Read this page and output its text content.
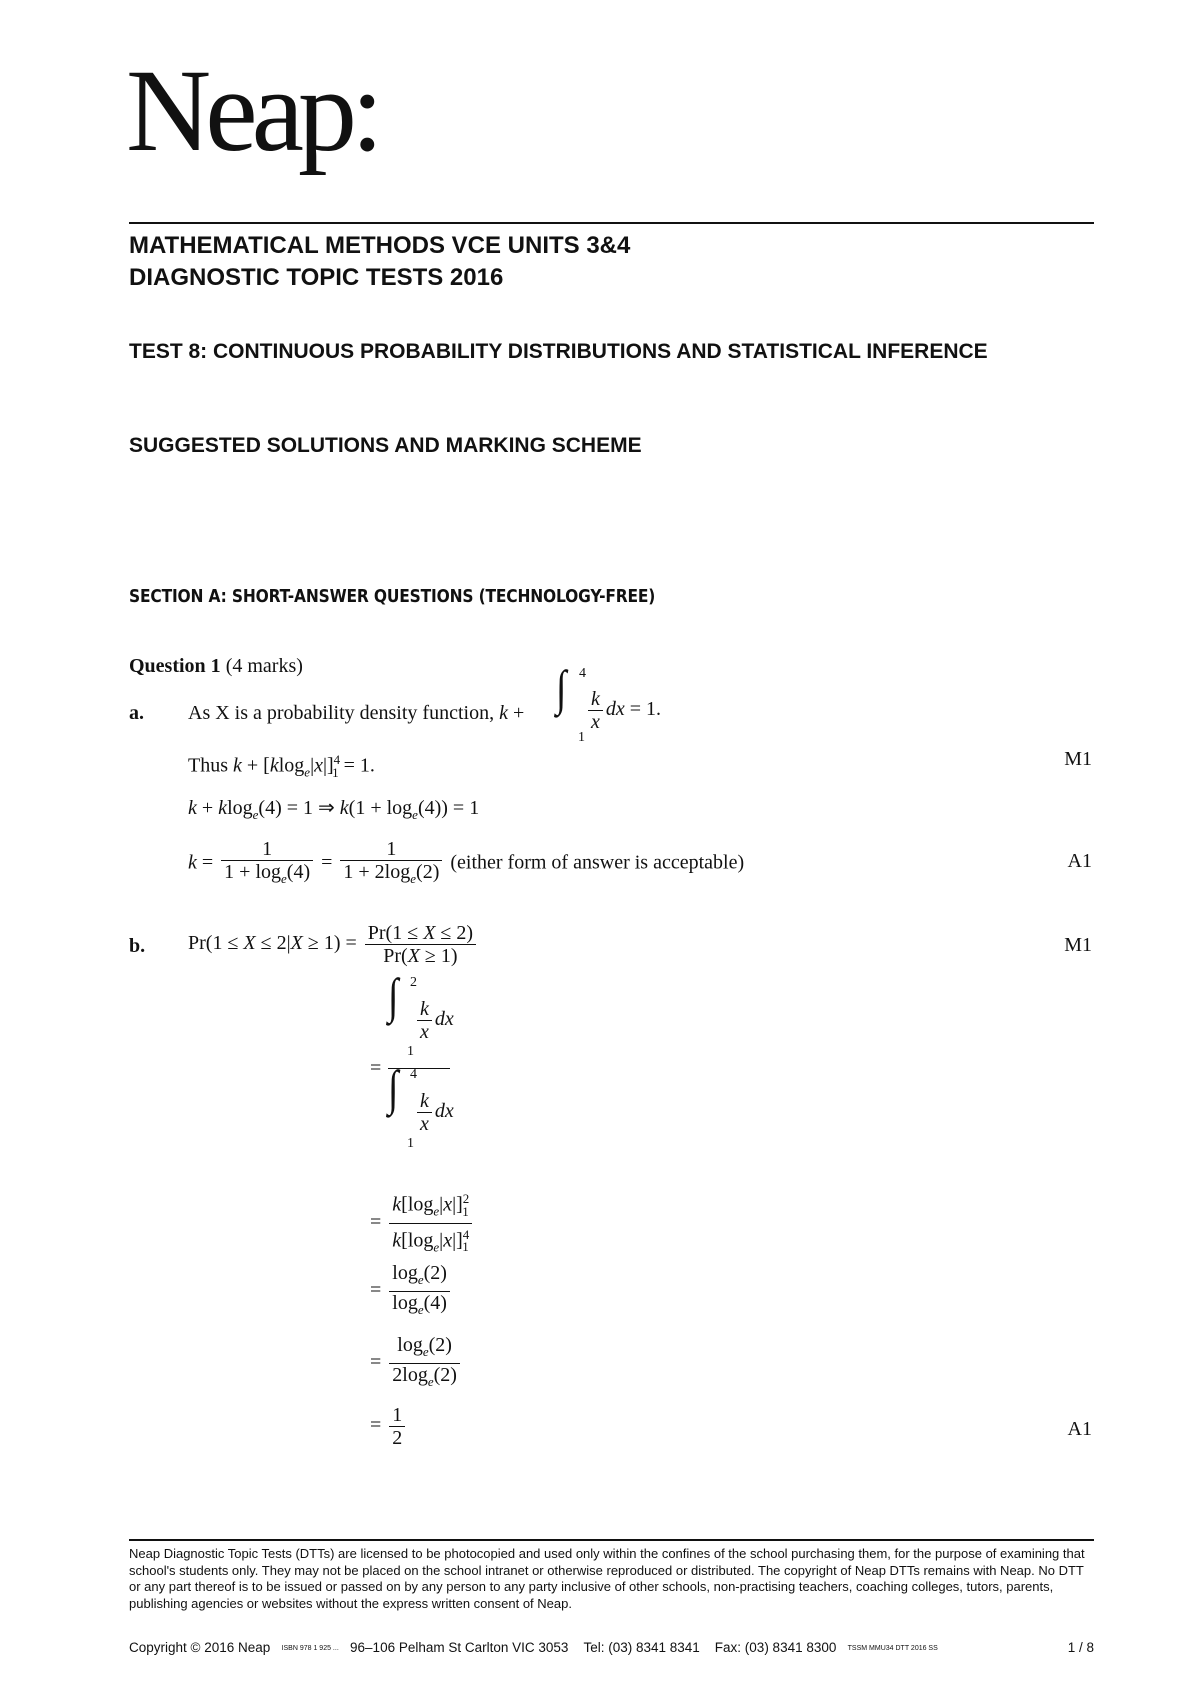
Neap:
MATHEMATICAL METHODS VCE UNITS 3&4
DIAGNOSTIC TOPIC TESTS 2016
TEST 8: CONTINUOUS PROBABILITY DISTRIBUTIONS AND STATISTICAL INFERENCE
SUGGESTED SOLUTIONS AND MARKING SCHEME
SECTION A: SHORT-ANSWER QUESTIONS (TECHNOLOGY-FREE)
Question 1 (4 marks)
a. As X is a probability density function, k + ∫ 4
1
$\frac{k}{x}$ dx = 1.
Thus $k + [klog_e|x|]^4_1 = 1$.	M1
k + klog$_e$(4) = 1 ⇒ $k(1 + \log_e(4)) = 1$
$k = \frac{1}{1 + \log_e(4)} = \frac{1}{1 + 2\log_e(2)}$ (either form of answer is acceptable)	A1
b. $Pr(1 \le X \le 2|X \ge 1) = \frac{Pr(1 \le X \le 2)}{Pr(X \ge 1)}$	M1
=
∫ 2
1
$\frac{k}{x}$ dx
∫ 4
1
$\frac{k}{x}$ dx
= $\frac{k[\log_e|x|]^2_1}{k[\log_e|x|]^4_1}$
= $\frac{\log_e(2)}{\log_e(4)}$
= $\frac{\log_e(2)}{2\log_e(2)}$
= $\frac{1}{2}$	A1
Neap Diagnostic Topic Tests (DTTs) are licensed to be photocopied and used only within the confines of the school purchasing them, for the purpose of examining that school's students only. They may not be placed on the school intranet or otherwise reproduced or distributed. The copyright of Neap DTTs remains with Neap. No DTT or any part thereof is to be issued or passed on by any person to any party inclusive of other schools, non-practising teachers, coaching colleges, tutors, parents, publishing agencies or websites without the express written consent of Neap.
Copyright © 2016 Neap ISBN 978 1 925 ... 96–106 Pelham St Carlton VIC 3053 Tel: (03) 8341 8341 Fax: (03) 8341 8300 TSSM MMU34 DTT 2016 SS	1 / 8
